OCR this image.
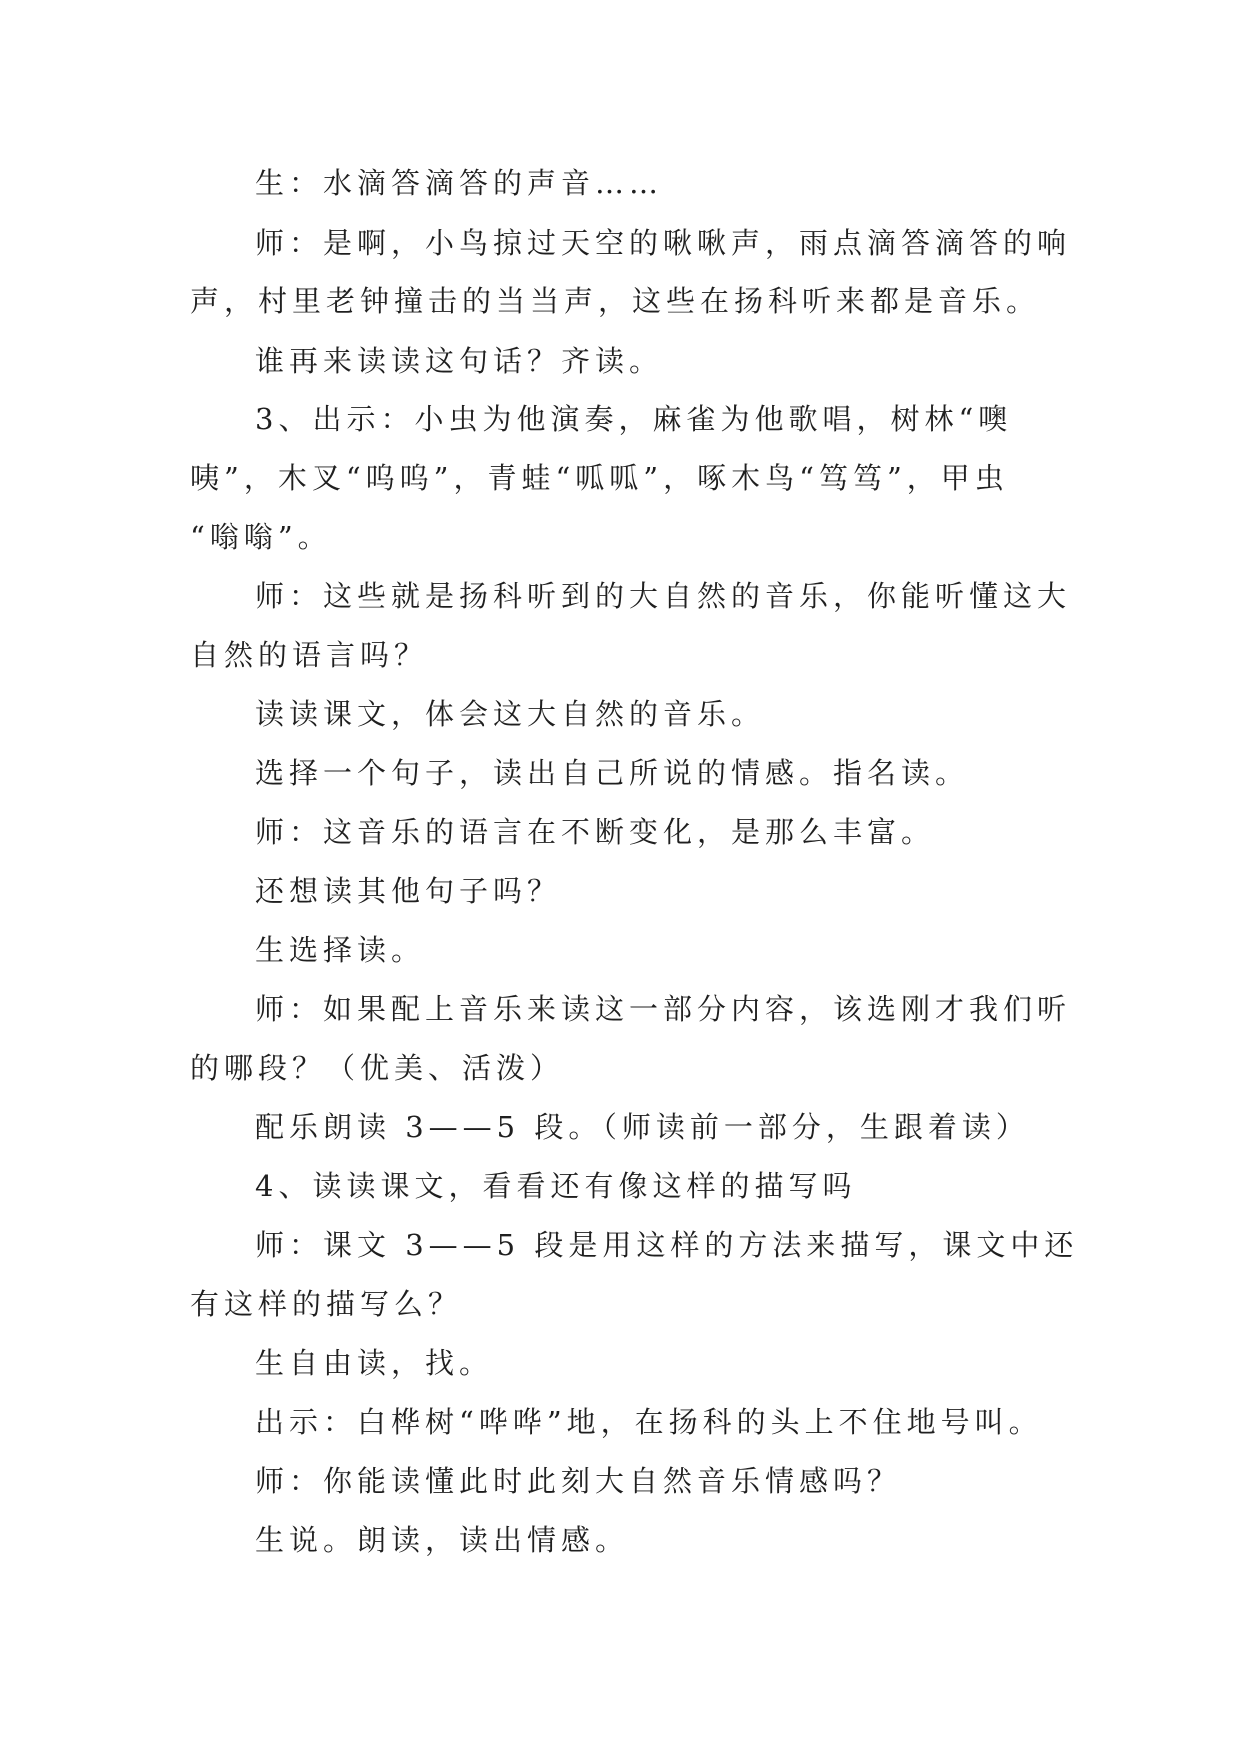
生：水滴答滴答的声音……

师：是啊，小鸟掠过天空的啾啾声，雨点滴答滴答的响

声，村里老钟撞击的当当声，这些在扬科听来都是音乐。

谁再来读读这句话？齐读。

3、出示：小虫为他演奏，麻雀为他歌唱，树林“噢

咦”，木叉“呜呜”，青蛙“呱呱”，啄木鸟“笃笃”，甲虫

“嗡嗡”。

师：这些就是扬科听到的大自然的音乐，你能听懂这大

自然的语言吗？

读读课文，体会这大自然的音乐。

选择一个句子，读出自己所说的情感。指名读。

师：这音乐的语言在不断变化，是那么丰富。

还想读其他句子吗？

生选择读。

师：如果配上音乐来读这一部分内容，该选刚才我们听

的哪段？（优美、活泼）

配乐朗读 3——5 段。（师读前一部分，生跟着读）

4、读读课文，看看还有像这样的描写吗

师：课文 3——5 段是用这样的方法来描写，课文中还

有这样的描写么？

生自由读，找。

出示：白桦树“哗哗”地，在扬科的头上不住地号叫。

师：你能读懂此时此刻大自然音乐情感吗？

生说。朗读，读出情感。
